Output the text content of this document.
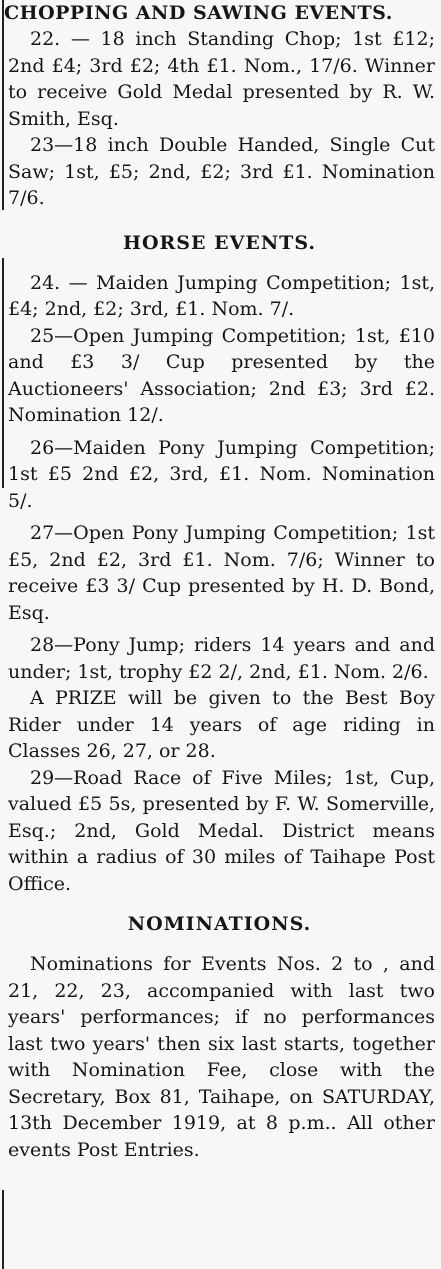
CHOPPING AND SAWING EVENTS.

22. — 18 inch Standing Chop; 1st £12; 2nd £4; 3rd £2; 4th £1. Nom., 17/6. Winner to receive Gold Medal presented by R. W. Smith, Esq.

23—18 inch Double Handed, Single Cut Saw; 1st, £5; 2nd, £2; 3rd £1. Nomination 7/6.

HORSE EVENTS.

24. — Maiden Jumping Competition; 1st, £4; 2nd, £2; 3rd, £1. Nom. 7/.

25—Open Jumping Competition; 1st, £10 and £3 3/ Cup presented by the Auctioneers' Association; 2nd £3; 3rd £2. Nomination 12/.

26—Maiden Pony Jumping Competition; 1st £5 2nd £2, 3rd, £1. Nom. Nomination 5/.

27—Open Pony Jumping Competition; 1st £5, 2nd £2, 3rd £1. Nom. 7/6; Winner to receive £3 3/ Cup presented by H. D. Bond, Esq.

28—Pony Jump; riders 14 years and and under; 1st, trophy £2 2/, 2nd, £1. Nom. 2/6.

A PRIZE will be given to the Best Boy Rider under 14 years of age riding in Classes 26, 27, or 28.

29—Road Race of Five Miles; 1st, Cup, valued £5 5s, presented by F. W. Somerville, Esq.; 2nd, Gold Medal. District means within a radius of 30 miles of Taihape Post Office.

NOMINATIONS.

Nominations for Events Nos. 2 to , and 21, 22, 23, accompanied with last two years' performances; if no performances last two years' then six last starts, together with Nomination Fee, close with the Secretary, Box 81, Taihape, on SATURDAY, 13th December 1919, at 8 p.m.. All other events Post Entries.
